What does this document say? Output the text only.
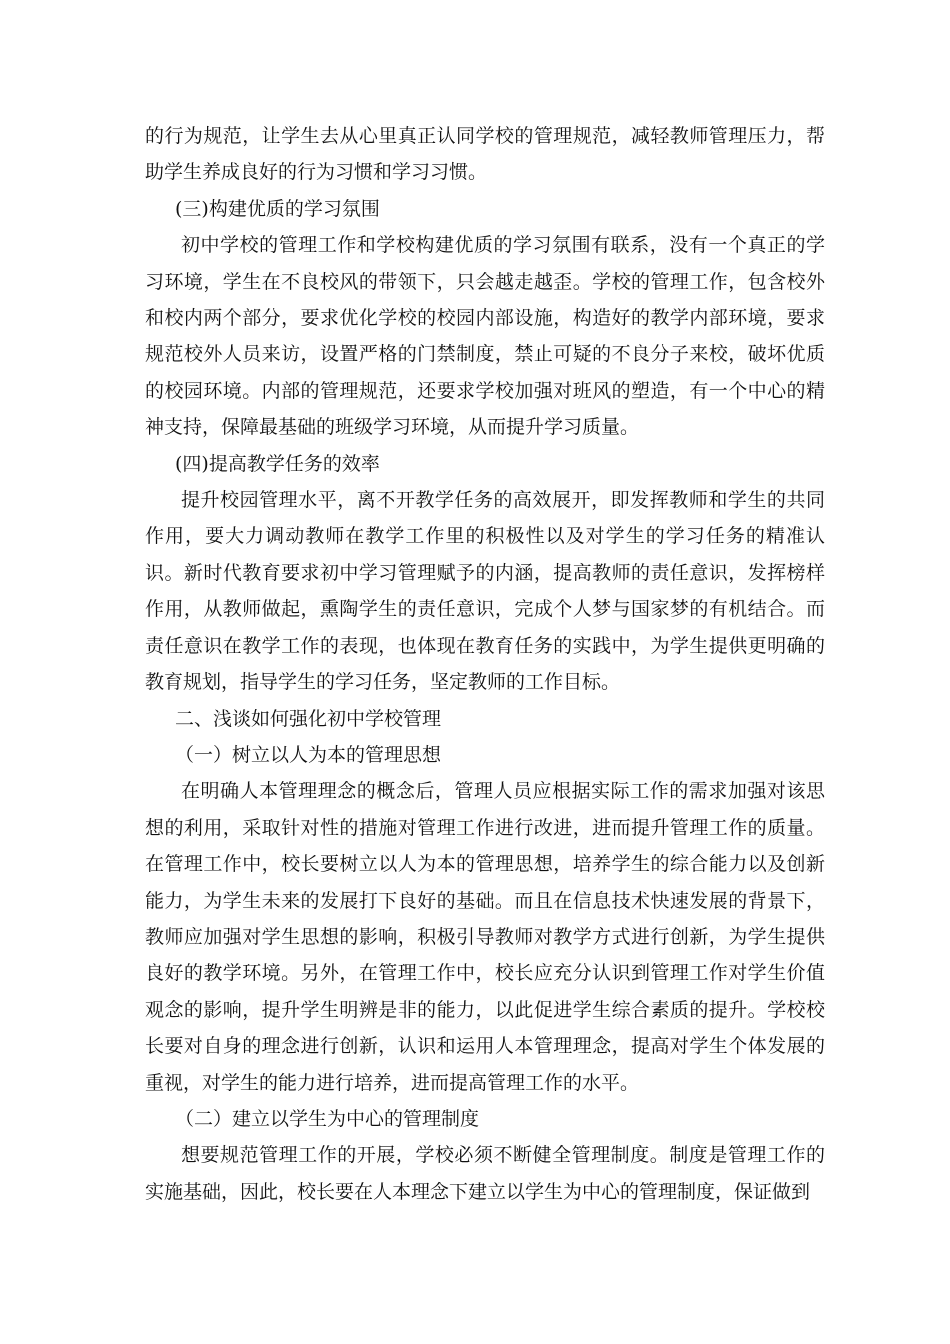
的行为规范，让学生去从心里真正认同学校的管理规范，减轻教师管理压力，帮助学生养成良好的行为习惯和学习习惯。

(三)构建优质的学习氛围

初中学校的管理工作和学校构建优质的学习氛围有联系，没有一个真正的学习环境，学生在不良校风的带领下，只会越走越歪。学校的管理工作，包含校外和校内两个部分，要求优化学校的校园内部设施，构造好的教学内部环境，要求规范校外人员来访，设置严格的门禁制度，禁止可疑的不良分子来校，破坏优质的校园环境。内部的管理规范，还要求学校加强对班风的塑造，有一个中心的精神支持，保障最基础的班级学习环境，从而提升学习质量。

(四)提高教学任务的效率

提升校园管理水平，离不开教学任务的高效展开，即发挥教师和学生的共同作用，要大力调动教师在教学工作里的积极性以及对学生的学习任务的精准认识。新时代教育要求初中学习管理赋予的内涵，提高教师的责任意识，发挥榜样作用，从教师做起，熏陶学生的责任意识，完成个人梦与国家梦的有机结合。而责任意识在教学工作的表现，也体现在教育任务的实践中，为学生提供更明确的教育规划，指导学生的学习任务，坚定教师的工作目标。

二、浅谈如何强化初中学校管理

（一）树立以人为本的管理思想

在明确人本管理理念的概念后，管理人员应根据实际工作的需求加强对该思想的利用，采取针对性的措施对管理工作进行改进，进而提升管理工作的质量。在管理工作中，校长要树立以人为本的管理思想，培养学生的综合能力以及创新能力，为学生未来的发展打下良好的基础。而且在信息技术快速发展的背景下，教师应加强对学生思想的影响，积极引导教师对教学方式进行创新，为学生提供良好的教学环境。另外，在管理工作中，校长应充分认识到管理工作对学生价值观念的影响，提升学生明辨是非的能力，以此促进学生综合素质的提升。学校校长要对自身的理念进行创新，认识和运用人本管理理念，提高对学生个体发展的重视，对学生的能力进行培养，进而提高管理工作的水平。

（二）建立以学生为中心的管理制度

想要规范管理工作的开展，学校必须不断健全管理制度。制度是管理工作的实施基础，因此，校长要在人本理念下建立以学生为中心的管理制度，保证做到
